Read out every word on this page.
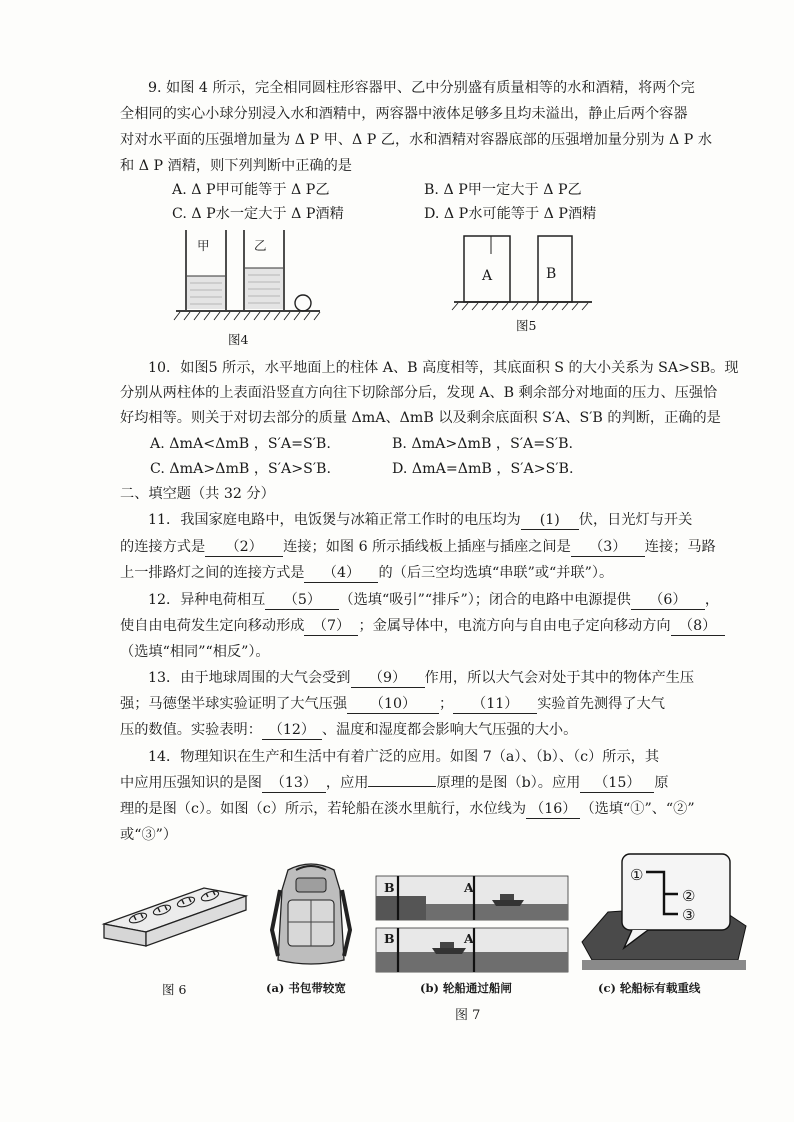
9. 如图 4 所示，完全相同圆柱形容器甲、乙中分别盛有质量相等的水和酒精，将两个完
全相同的实心小球分别浸入水和酒精中，两容器中液体足够多且均未溢出，静止后两个容器
对对水平面的压强增加量为 Δ P 甲、Δ P 乙，水和酒精对容器底部的压强增加量分别为 Δ P 水
和 Δ P 酒精，则下列判断中正确的是
A. Δ P甲可能等于 Δ P乙	B. Δ P甲一定大于 Δ P乙
C. Δ P水一定大于 Δ P酒精	D. Δ P水可能等于 Δ P酒精
甲	乙
图4
A	B
图5
10．如图5 所示，水平地面上的柱体 A、B 高度相等，其底面积 S 的大小关系为 SA>SB。现
分别从两柱体的上表面沿竖直方向往下切除部分后，发现 A、B 剩余部分对地面的压力、压强恰
好均相等。则关于对切去部分的质量 ΔmA、ΔmB 以及剩余底面积 S′A、S′B 的判断，正确的是
A. ΔmA<ΔmB ，S′A=S′B.	B. ΔmA>ΔmB ，S′A=S′B.
C. ΔmA>ΔmB ，S′A>S′B.	D. ΔmA=ΔmB ，S′A>S′B.
二、填空题（共 32 分）
11．我国家庭电路中，电饭煲与冰箱正常工作时的电压均为 (1) 伏，日光灯与开关
的连接方式是 （2） 连接；如图 6 所示插线板上插座与插座之间是 （3） 连接；马路
上一排路灯之间的连接方式是 （4） 的（后三空均选填“串联”或“并联”）。
12．异种电荷相互 （5） （选填“吸引”“排斥”）；闭合的电路中电源提供 （6） ，
使自由电荷发生定向移动形成 （7） ；金属导体中，电流方向与自由电子定向移动方向 （8）
（选填“相同”“相反”）。
13．由于地球周围的大气会受到 （9） 作用，所以大气会对处于其中的物体产生压
强；马德堡半球实验证明了大气压强 （10） ； （11） 实验首先测得了大气
压的数值。实验表明： （12） 、温度和湿度都会影响大气压强的大小。
14．物理知识在生产和生活中有着广泛的应用。如图 7（a）、（b）、（c）所示，其
中应用压强知识的是图 （13） ，应用	原理的是图（b）。应用 （15） 原
理的是图（c）。如图（c）所示，若轮船在淡水里航行，水位线为 （16） （选填“①”、“②”
或“③”）
图 6	(a) 书包带较宽
B	A
B	A
(b) 轮船通过船闸
①
②
③
(c) 轮船标有载重线
图 7
